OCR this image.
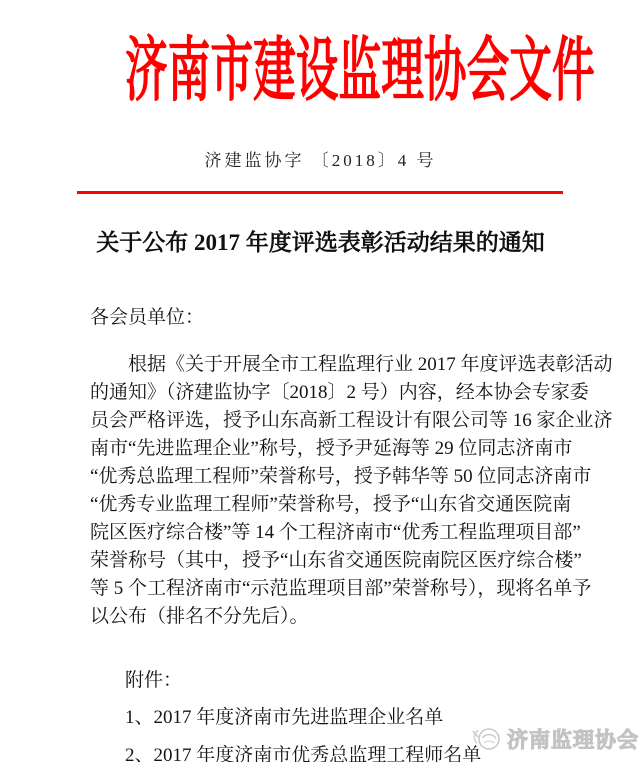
济南市建设监理协会文件
济建监协字 〔2018〕4 号
关于公布 2017 年度评选表彰活动结果的通知
各会员单位：
根据《关于开展全市工程监理行业 2017 年度评选表彰活动
的通知》（济建监协字〔2018〕2 号）内容，经本协会专家委
员会严格评选，授予山东高新工程设计有限公司等 16 家企业济
南市“先进监理企业”称号，授予尹延海等 29 位同志济南市
“优秀总监理工程师”荣誉称号，授予韩华等 50 位同志济南市
“优秀专业监理工程师”荣誉称号，授予“山东省交通医院南
院区医疗综合楼”等 14 个工程济南市“优秀工程监理项目部”
荣誉称号（其中，授予“山东省交通医院南院区医疗综合楼”
等 5 个工程济南市“示范监理项目部”荣誉称号），现将名单予
以公布（排名不分先后）。
附件：
1、2017 年度济南市先进监理企业名单
2、2017 年度济南市优秀总监理工程师名单
济南监理协会
